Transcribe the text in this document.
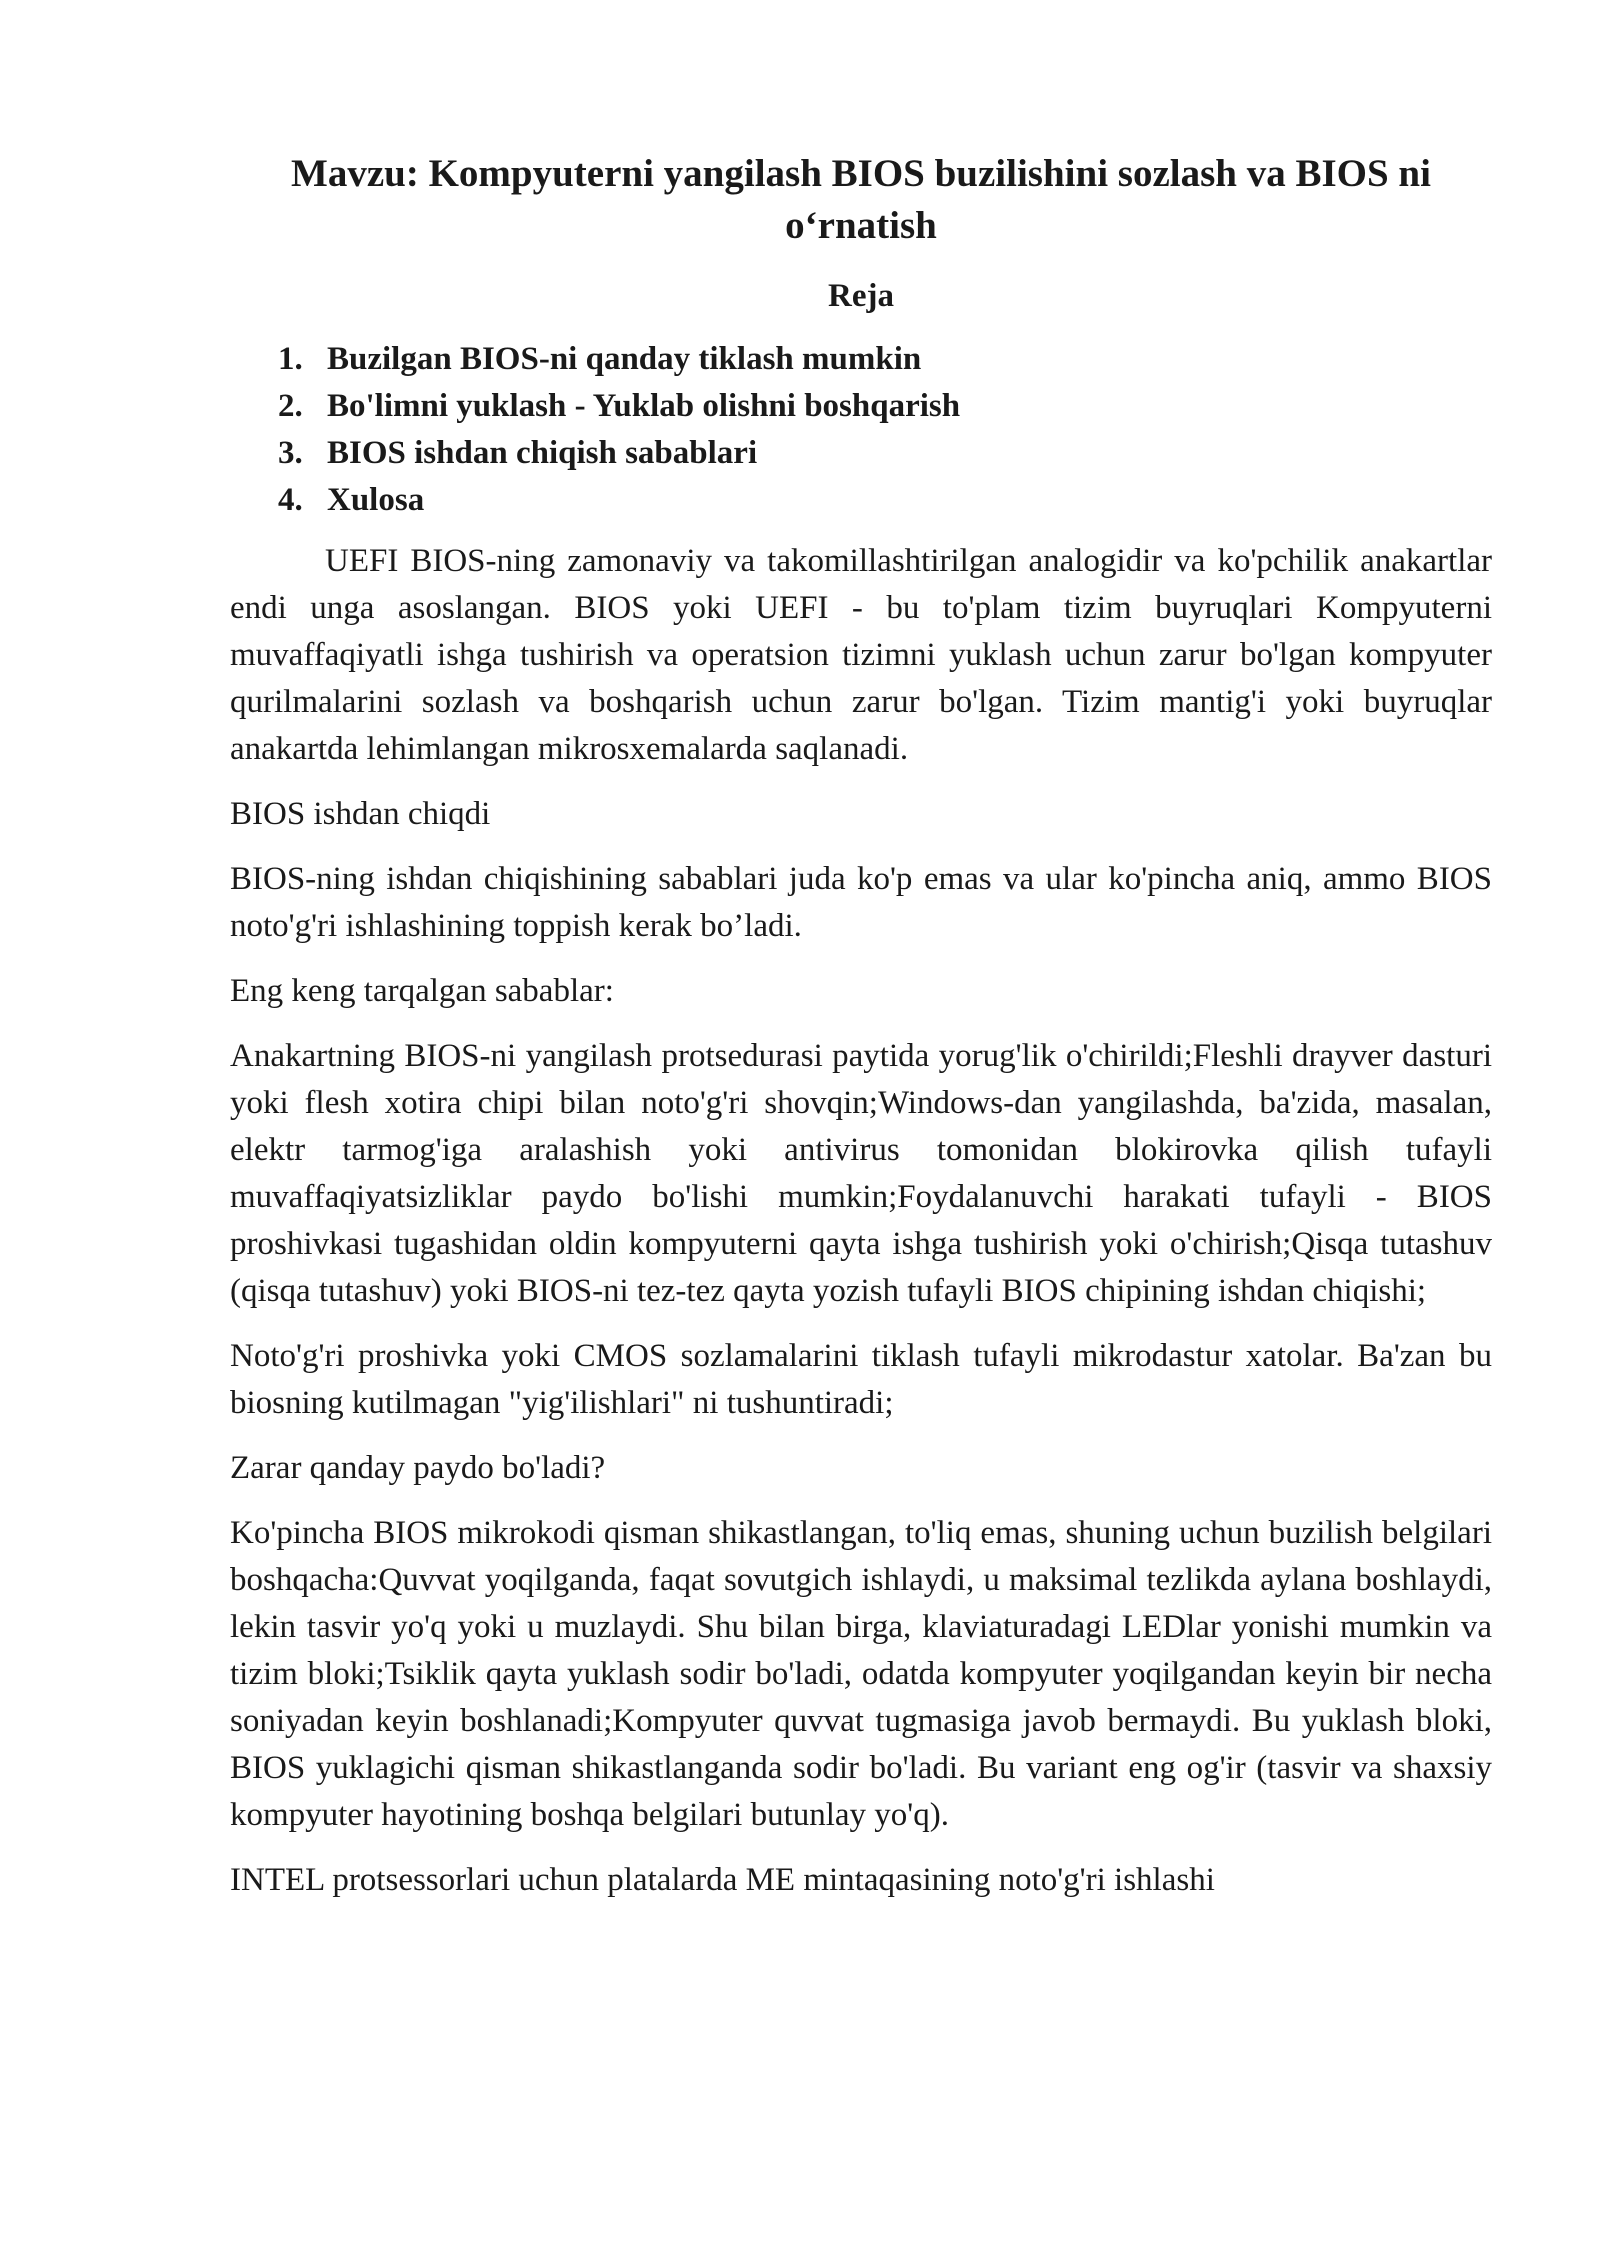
Mavzu: Kompyuterni yangilash BIOS buzilishini sozlash va BIOS ni o‘rnatish
Reja
1. Buzilgan BIOS-ni qanday tiklash mumkin
2. Bo'limni yuklash - Yuklab olishni boshqarish
3. BIOS ishdan chiqish sabablari
4. Xulosa

UEFI BIOS-ning zamonaviy va takomillashtirilgan analogidir va ko'pchilik anakartlar endi unga asoslangan. BIOS yoki UEFI - bu to'plam tizim buyruqlari Kompyuterni muvaffaqiyatli ishga tushirish va operatsion tizimni yuklash uchun zarur bo'lgan kompyuter qurilmalarini sozlash va boshqarish uchun zarur bo'lgan. Tizim mantig'i yoki buyruqlar anakartda lehimlangan mikrosxemalarda saqlanadi.

BIOS ishdan chiqdi

BIOS-ning ishdan chiqishining sabablari juda ko'p emas va ular ko'pincha aniq, ammo BIOS noto'g'ri ishlashining toppish kerak bo’ladi.

Eng keng tarqalgan sabablar:

Anakartning BIOS-ni yangilash protsedurasi paytida yorug'lik o'chirildi;Fleshli drayver dasturi yoki flesh xotira chipi bilan noto'g'ri shovqin;Windows-dan yangilashda, ba'zida, masalan, elektr tarmog'iga aralashish yoki antivirus tomonidan blokirovka qilish tufayli muvaffaqiyatsizliklar paydo bo'lishi mumkin;Foydalanuvchi harakati tufayli - BIOS proshivkasi tugashidan oldin kompyuterni qayta ishga tushirish yoki o'chirish;Qisqa tutashuv (qisqa tutashuv) yoki BIOS-ni tez-tez qayta yozish tufayli BIOS chipining ishdan chiqishi;

Noto'g'ri proshivka yoki CMOS sozlamalarini tiklash tufayli mikrodastur xatolar. Ba'zan bu biosning kutilmagan "yig'ilishlari" ni tushuntiradi;

Zarar qanday paydo bo'ladi?

Ko'pincha BIOS mikrokodi qisman shikastlangan, to'liq emas, shuning uchun buzilish belgilari boshqacha:Quvvat yoqilganda, faqat sovutgich ishlaydi, u maksimal tezlikda aylana boshlaydi, lekin tasvir yo'q yoki u muzlaydi. Shu bilan birga, klaviaturadagi LEDlar yonishi mumkin va tizim bloki;Tsiklik qayta yuklash sodir bo'ladi, odatda kompyuter yoqilgandan keyin bir necha soniyadan keyin boshlanadi;Kompyuter quvvat tugmasiga javob bermaydi. Bu yuklash bloki, BIOS yuklagichi qisman shikastlanganda sodir bo'ladi. Bu variant eng og'ir (tasvir va shaxsiy kompyuter hayotining boshqa belgilari butunlay yo'q).

INTEL protsessorlari uchun platalarda ME mintaqasining noto'g'ri ishlashi
